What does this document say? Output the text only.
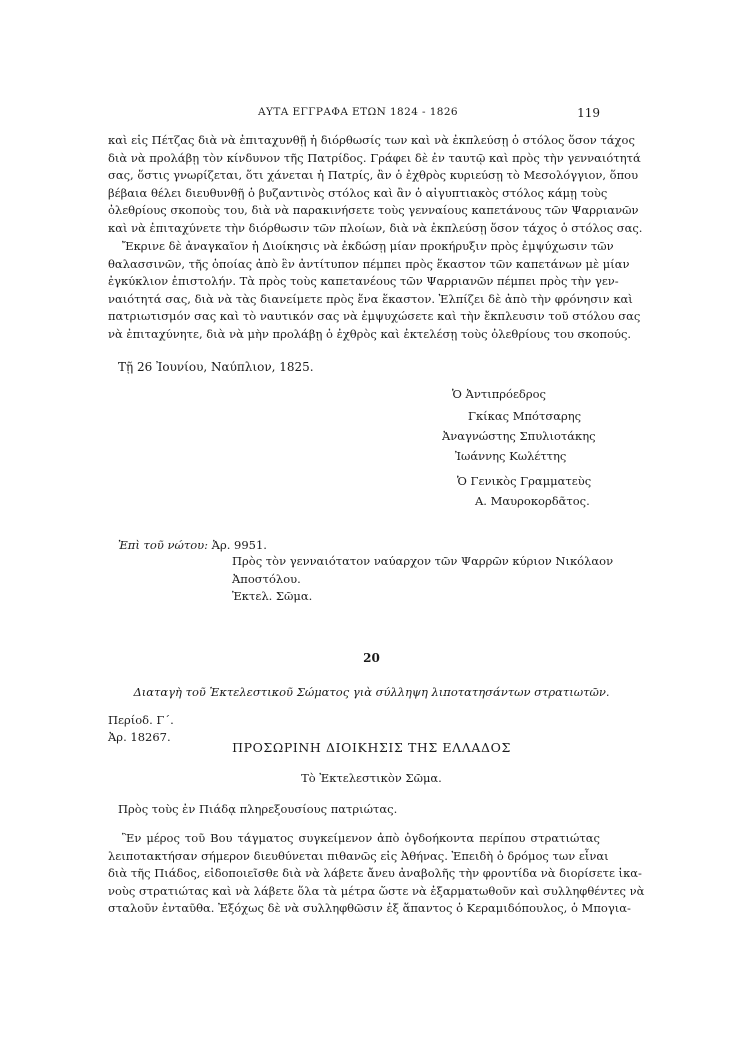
ΑΥΤΑ ΕΓΓΡΑΦΑ ΕΤΩΝ 1824 - 1826	119

καὶ εἰς Πέτζας διὰ νὰ ἐπιταχυνθῇ ἡ διόρθωσίς των καὶ νὰ ἐκπλεύσῃ ὁ στόλος ὅσον τάχος
διὰ νὰ προλάβῃ τὸν κίνδυνον τῆς Πατρίδος. Γράφει δὲ ἐν ταυτῷ καὶ πρὸς τὴν γενναιότητά
σας, ὅστις γνωρίζεται, ὅτι χάνεται ἡ Πατρίς, ἂν ὁ ἐχθρὸς κυριεύσῃ τὸ Μεσολόγγιον, ὅπου
βέβαια θέλει διευθυνθῇ ὁ βυζαντινὸς στόλος καὶ ἂν ὁ αἰγυπτιακὸς στόλος κάμῃ τοὺς
ὀλεθρίους σκοποὺς του, διὰ νὰ παρακινήσετε τοὺς γενναίους καπετάνους τῶν Ψαρριανῶν
καὶ νὰ ἐπιταχύνετε τὴν διόρθωσιν τῶν πλοίων, διὰ νὰ ἐκπλεύσῃ ὅσον τάχος ὁ στόλος σας.

Ἔκρινε δὲ ἀναγκαῖον ἡ Διοίκησις νὰ ἐκδώσῃ μίαν προκήρυξιν πρὸς ἐμψύχωσιν τῶν
θαλασσινῶν, τῆς ὁποίας ἀπὸ ἓν ἀντίτυπον πέμπει πρὸς ἕκαστον τῶν καπετάνων μὲ μίαν
ἐγκύκλιον ἐπιστολήν. Τὰ πρὸς τοὺς καπετανέους τῶν Ψαρριανῶν πέμπει πρὸς τὴν γεν-
ναιότητά σας, διὰ νὰ τὰς διανείμετε πρὸς ἕνα ἕκαστον. Ἐλπίζει δὲ ἀπὸ τὴν φρόνησιν καὶ
πατριωτισμόν σας καὶ τὸ ναυτικόν σας νὰ ἐμψυχώσετε καὶ τὴν ἔκπλευσιν τοῦ στόλου σας
νὰ ἐπιταχύνητε, διὰ νὰ μὴν προλάβῃ ὁ ἐχθρὸς καὶ ἐκτελέσῃ τοὺς ὀλεθρίους του σκοπούς.

Τῇ 26 Ἰουνίου, Ναύπλιον, 1825.
Ὁ Ἀντιπρόεδρος
Γκίκας Μπότσαρης
Ἀναγνώστης Σπυλιοτάκης
Ἰωάννης Κωλέττης
Ὁ Γενικὸς Γραμματεὺς
Α. Μαυροκορδᾶτος.
Ἐπὶ τοῦ νώτου: Ἀρ. 9951.
Πρὸς τὸν γενναιότατον ναύαρχον τῶν Ψαρρῶν κύριον Νικόλαον
Ἀποστόλου.
Ἐκτελ. Σῶμα.
20
Διαταγὴ τοῦ Ἐκτελεστικοῦ Σώματος γιὰ σύλληψη λιποτατησάντων στρατιωτῶν.
Περίοδ. Γ΄.
Ἀρ. 18267.
ΠΡΟΣΩΡΙΝΗ ΔΙΟΙΚΗΣΙΣ ΤΗΣ ΕΛΛΑΔΟΣ
Τὸ Ἐκτελεστικὸν Σῶμα.
Πρὸς τοὺς ἐν Πιάδᾳ πληρεξουσίους πατριώτας.

Ἓν μέρος τοῦ Βου τάγματος συγκείμενον ἀπὸ ὀγδοήκοντα περίπου στρατιώτας
λειποτακτήσαν σήμερον διευθύνεται πιθανῶς εἰς Ἀθήνας. Ἐπειδὴ ὁ δρόμος των εἶναι
διὰ τῆς Πιάδος, εἰδοποιεῖσθε διὰ νὰ λάβετε ἄνευ ἀναβολῆς τὴν φροντίδα νὰ διορίσετε ἱκα-
νοὺς στρατιώτας καὶ νὰ λάβετε ὅλα τὰ μέτρα ὥστε νὰ ἐξαρματωθοῦν καὶ συλληφθέντες νὰ
σταλοῦν ἐνταῦθα. Ἐξόχως δὲ νὰ συλληφθῶσιν ἐξ ἅπαντος ὁ Κεραμιδόπουλος, ὁ Μπογια-
